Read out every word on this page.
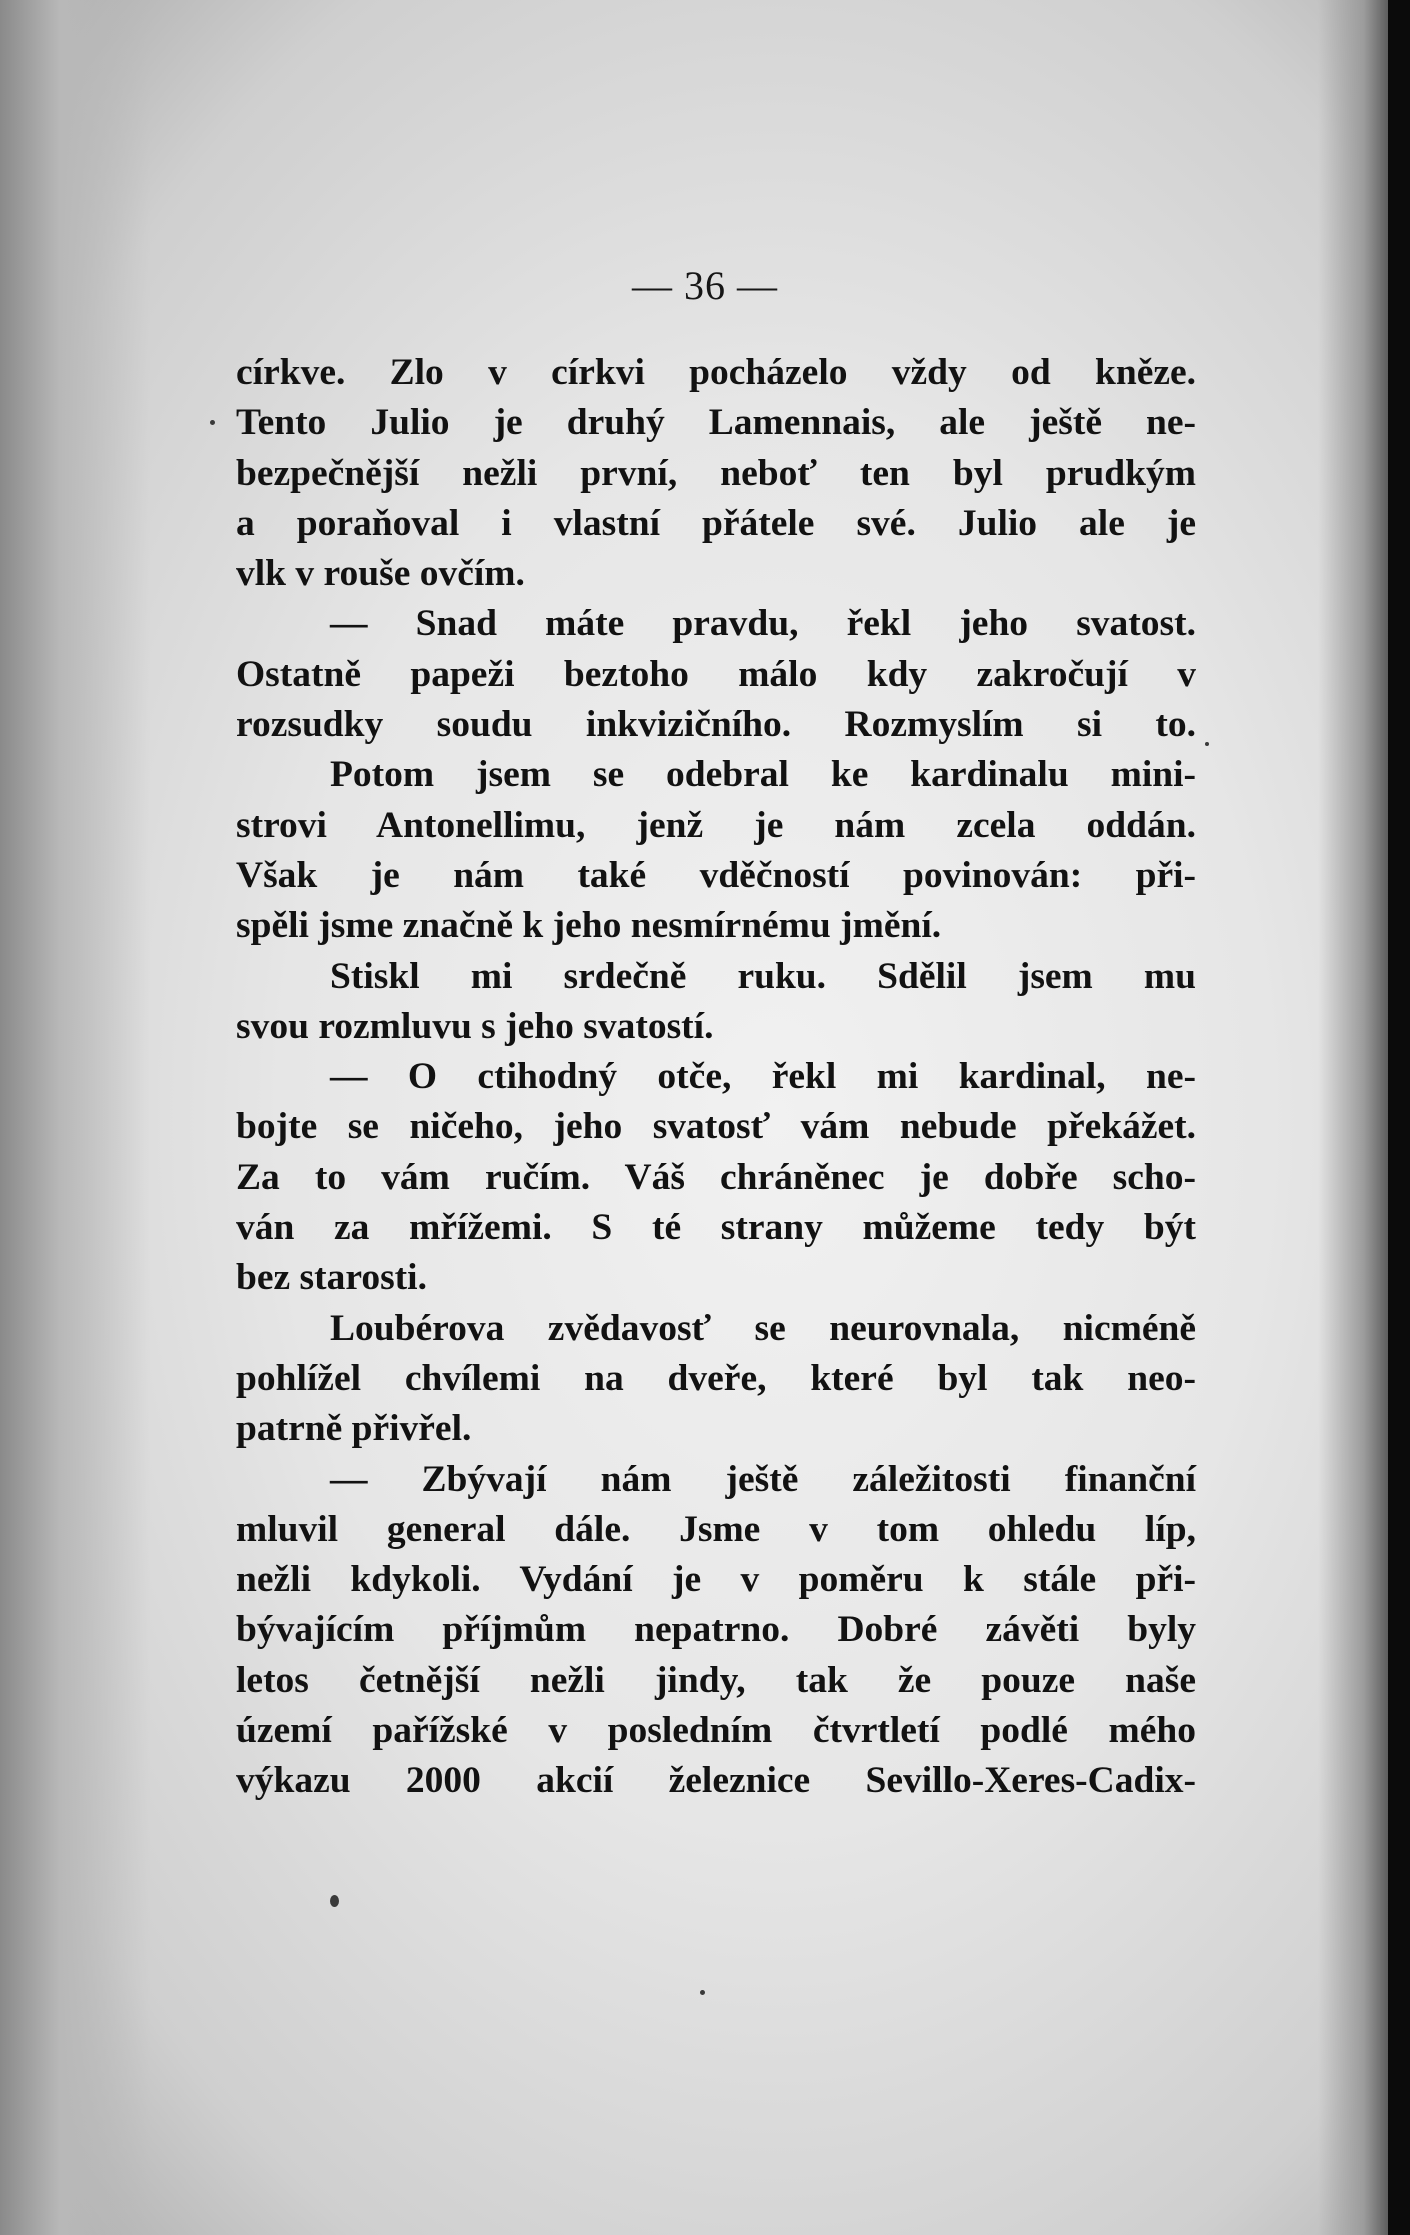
— 36 —
církve. Zlo v církvi pocházelo vždy od kněze.
Tento Julio je druhý Lamennais, ale ještě ne-
bezpečnější nežli první, neboť ten byl prudkým
a poraňoval i vlastní přátele své. Julio ale je
vlk v rouše ovčím.
— Snad máte pravdu, řekl jeho svatost.
Ostatně papeži beztoho málo kdy zakročují v
rozsudky soudu inkvizičního. Rozmyslím si to.
Potom jsem se odebral ke kardinalu mini-
strovi Antonellimu, jenž je nám zcela oddán.
Však je nám také vděčností povinován: při-
spěli jsme značně k jeho nesmírnému jmění.
Stiskl mi srdečně ruku. Sdělil jsem mu
svou rozmluvu s jeho svatostí.
— O ctihodný otče, řekl mi kardinal, ne-
bojte se ničeho, jeho svatosť vám nebude překážet.
Za to vám ručím. Váš chráněnec je dobře scho-
ván za mřížemi. S té strany můžeme tedy být
bez starosti.
Loubérova zvědavosť se neurovnala, nicméně
pohlížel chvílemi na dveře, které byl tak neo-
patrně přivřel.
— Zbývají nám ještě záležitosti finanční
mluvil general dále. Jsme v tom ohledu líp,
nežli kdykoli. Vydání je v poměru k stále při-
bývajícím příjmům nepatrno. Dobré závěti byly
letos četnější nežli jindy, tak že pouze naše
území pařížské v posledním čtvrtletí podlé mého
výkazu 2000 akcií železnice Sevillo-Xeres-Cadix-
